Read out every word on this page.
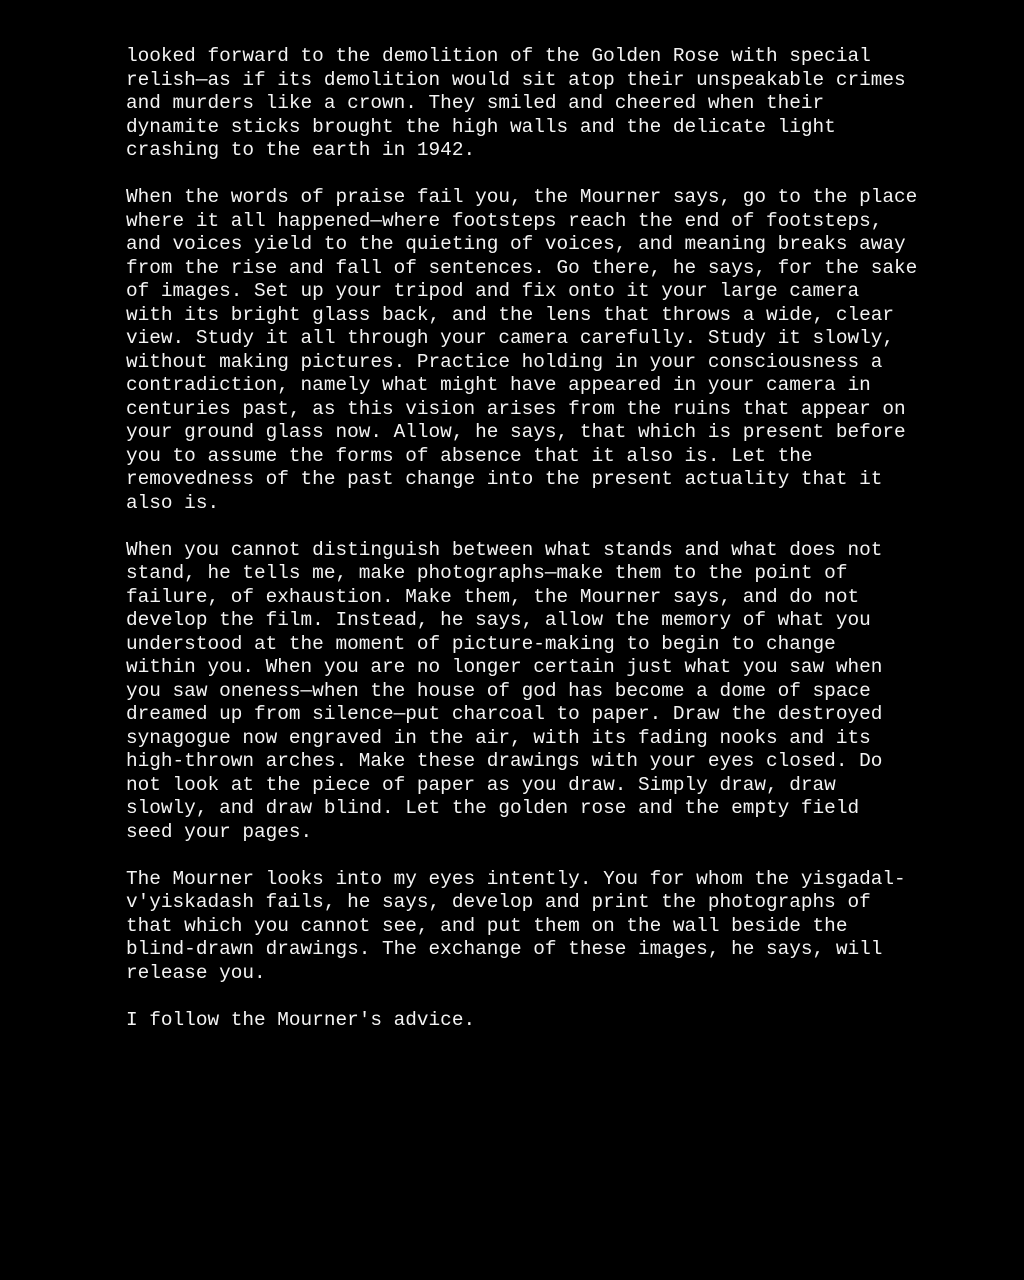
looked forward to the demolition of the Golden Rose with special
relish—as if its demolition would sit atop their unspeakable crimes
and murders like a crown. They smiled and cheered when their
dynamite sticks brought the high walls and the delicate light
crashing to the earth in 1942.
When the words of praise fail you, the Mourner says, go to the place
where it all happened—where footsteps reach the end of footsteps,
and voices yield to the quieting of voices, and meaning breaks away
from the rise and fall of sentences. Go there, he says, for the sake
of images. Set up your tripod and fix onto it your large camera
with its bright glass back, and the lens that throws a wide, clear
view. Study it all through your camera carefully. Study it slowly,
without making pictures. Practice holding in your consciousness a
contradiction, namely what might have appeared in your camera in
centuries past, as this vision arises from the ruins that appear on
your ground glass now. Allow, he says, that which is present before
you to assume the forms of absence that it also is. Let the
removedness of the past change into the present actuality that it
also is.
When you cannot distinguish between what stands and what does not
stand, he tells me, make photographs—make them to the point of
failure, of exhaustion. Make them, the Mourner says, and do not
develop the film. Instead, he says, allow the memory of what you
understood at the moment of picture-making to begin to change
within you. When you are no longer certain just what you saw when
you saw oneness—when the house of god has become a dome of space
dreamed up from silence—put charcoal to paper. Draw the destroyed
synagogue now engraved in the air, with its fading nooks and its
high-thrown arches. Make these drawings with your eyes closed. Do
not look at the piece of paper as you draw. Simply draw, draw
slowly, and draw blind. Let the golden rose and the empty field
seed your pages.
The Mourner looks into my eyes intently. You for whom the yisgadal-
v'yiskadash fails, he says, develop and print the photographs of
that which you cannot see, and put them on the wall beside the
blind-drawn drawings. The exchange of these images, he says, will
release you.
I follow the Mourner's advice.
